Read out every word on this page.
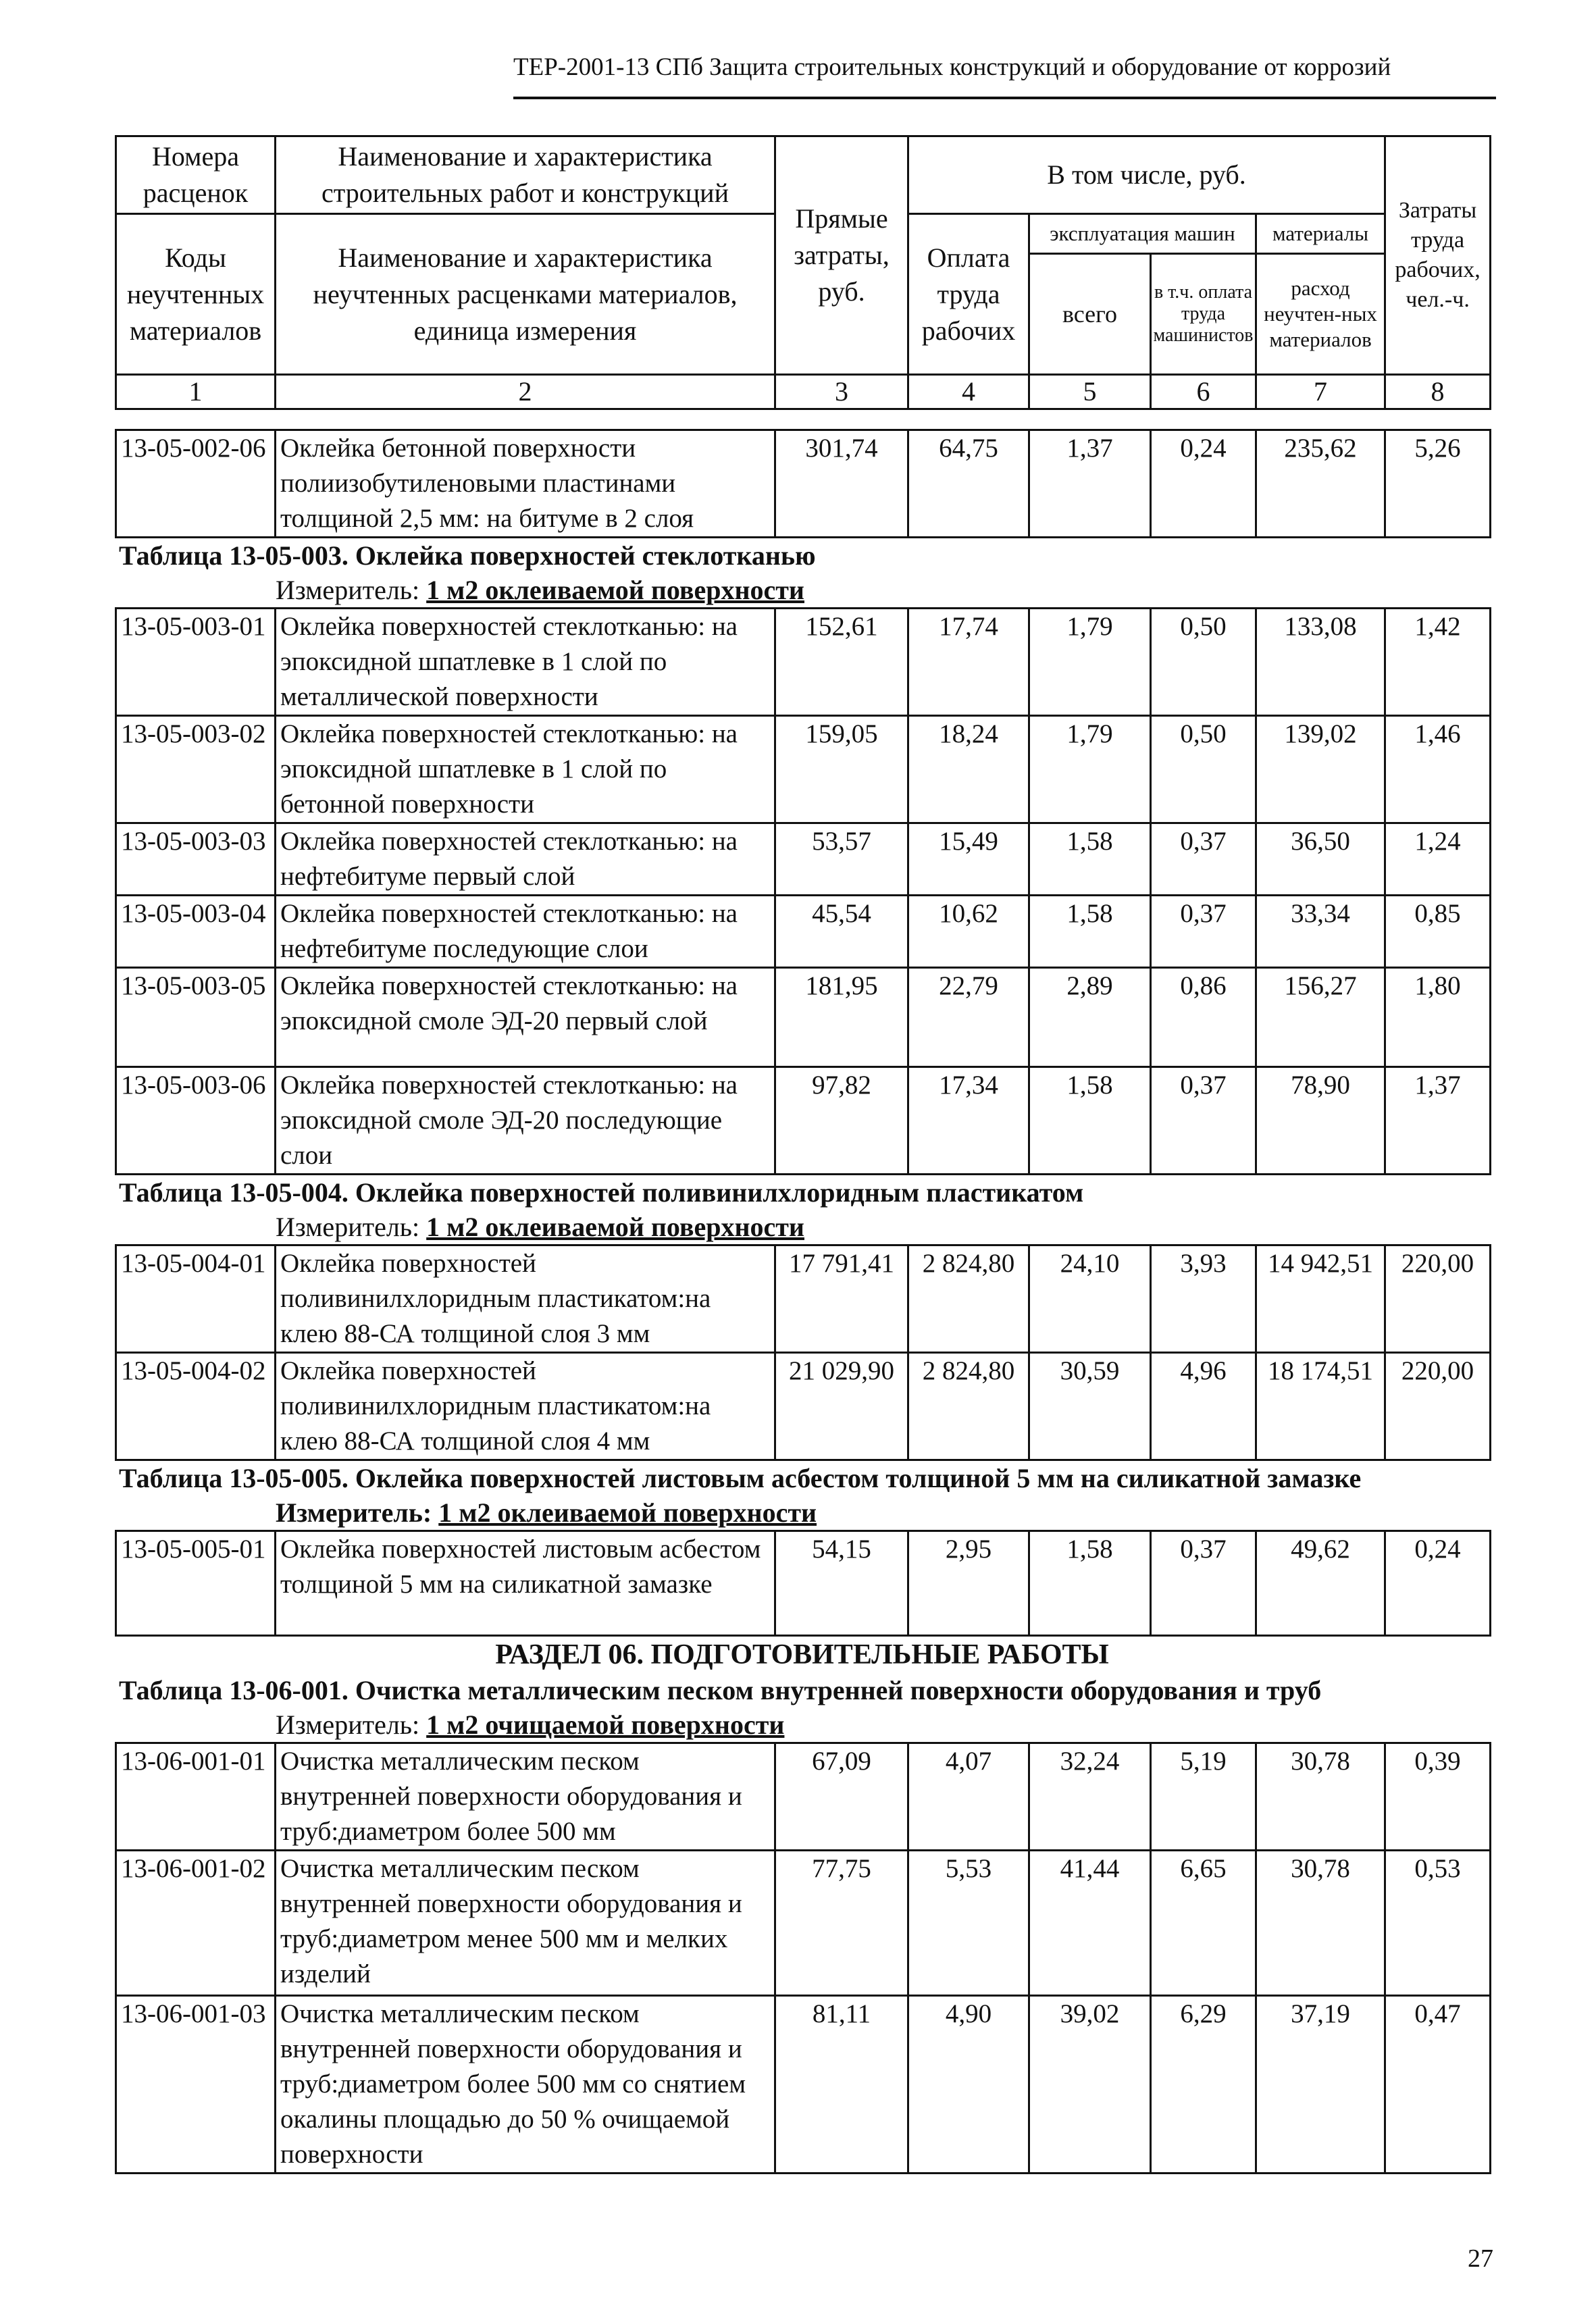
ТЕР-2001-13 СПб Защита строительных конструкций и оборудование от коррозий
Номера расценок	Наименование и характеристика строительных работ и конструкций	Прямые затраты, руб.	В том числе, руб.				Затраты труда рабочих, чел.-ч.
Коды неучтенных материалов	Наименование и характеристика неучтенных расценками материалов, единица измерения		Оплата труда рабочих	эксплуатация машин		материалы	
				всего	в т.ч. оплата труда машинистов	расход неучтен-ных материалов	
1	2	3	4	5	6	7	8
13-05-002-06	Оклейка бетонной поверхности полиизобутиленовыми пластинами толщиной 2,5 мм: на битуме в 2 слоя	301,74	64,75	1,37	0,24	235,62	5,26

Таблица 13-05-003. Оклейка поверхностей стеклотканью

Измеритель: 1 м2 оклеиваемой поверхности

13-05-003-01	Оклейка поверхностей стеклотканью: на эпоксидной шпатлевке в 1 слой по металлической поверхности	152,61	17,74	1,79	0,50	133,08	1,42
13-05-003-02	Оклейка поверхностей стеклотканью: на эпоксидной шпатлевке в 1 слой по бетонной поверхности	159,05	18,24	1,79	0,50	139,02	1,46
13-05-003-03	Оклейка поверхностей стеклотканью: на нефтебитуме первый слой	53,57	15,49	1,58	0,37	36,50	1,24
13-05-003-04	Оклейка поверхностей стеклотканью: на нефтебитуме последующие слои	45,54	10,62	1,58	0,37	33,34	0,85
13-05-003-05	Оклейка поверхностей стеклотканью: на эпоксидной смоле ЭД-20 первый слой	181,95	22,79	2,89	0,86	156,27	1,80
13-05-003-06	Оклейка поверхностей стеклотканью: на эпоксидной смоле ЭД-20 последующие слои	97,82	17,34	1,58	0,37	78,90	1,37

Таблица 13-05-004. Оклейка поверхностей поливинилхлоридным пластикатом

Измеритель: 1 м2 оклеиваемой поверхности

13-05-004-01	Оклейка поверхностей поливинилхлоридным пластикатом:на клею 88-СА толщиной слоя 3 мм	17 791,41	2 824,80	24,10	3,93	14 942,51	220,00
13-05-004-02	Оклейка поверхностей поливинилхлоридным пластикатом:на клею 88-СА толщиной слоя 4 мм	21 029,90	2 824,80	30,59	4,96	18 174,51	220,00

Таблица 13-05-005. Оклейка поверхностей листовым асбестом толщиной 5 мм на силикатной замазке

Измеритель: 1 м2 оклеиваемой поверхности

13-05-005-01	Оклейка поверхностей листовым асбестом толщиной 5 мм на силикатной замазке	54,15	2,95	1,58	0,37	49,62	0,24

РАЗДЕЛ 06. ПОДГОТОВИТЕЛЬНЫЕ РАБОТЫ

Таблица 13-06-001. Очистка металлическим песком внутренней поверхности оборудования и труб

Измеритель: 1 м2 очищаемой поверхности

13-06-001-01	Очистка металлическим песком внутренней поверхности оборудования и труб:диаметром более 500 мм	67,09	4,07	32,24	5,19	30,78	0,39
13-06-001-02	Очистка металлическим песком внутренней поверхности оборудования и труб:диаметром менее 500 мм и мелких изделий	77,75	5,53	41,44	6,65	30,78	0,53
13-06-001-03	Очистка металлическим песком внутренней поверхности оборудования и труб:диаметром более 500 мм со снятием окалины площадью до 50 % очищаемой поверхности	81,11	4,90	39,02	6,29	37,19	0,47
27
